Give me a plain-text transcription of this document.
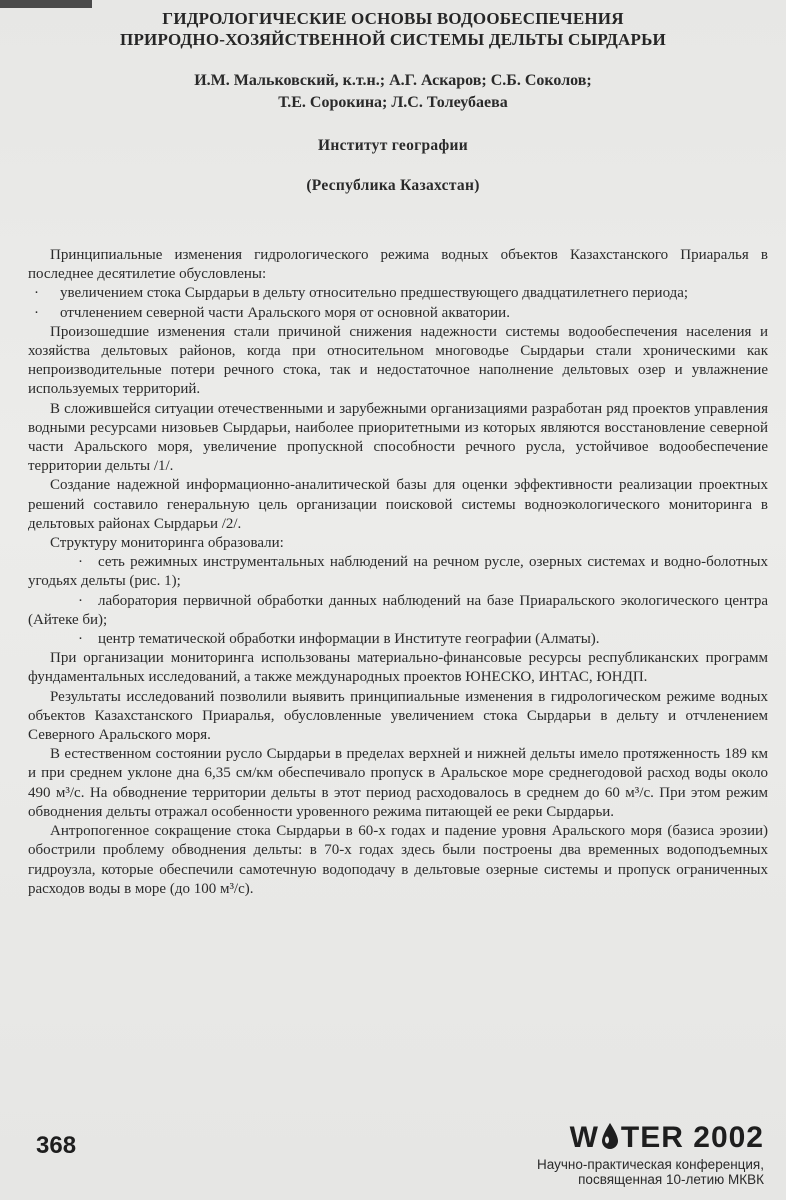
ГИДРОЛОГИЧЕСКИЕ ОСНОВЫ ВОДООБЕСПЕЧЕНИЯ
ПРИРОДНО-ХОЗЯЙСТВЕННОЙ СИСТЕМЫ ДЕЛЬТЫ СЫРДАРЬИ
И.М. Мальковский, к.т.н.; А.Г. Аскаров; С.Б. Соколов;
Т.Е. Сорокина; Л.С. Толеубаева
Институт географии
(Республика Казахстан)

Принципиальные изменения гидрологического режима водных объектов Казахстанского Приаралья в последнее десятилетие обусловлены:

· увеличением стока Сырдарьи в дельту относительно предшествующего двадцатилетнего периода;
· отчленением северной части Аральского моря от основной акватории.

Произошедшие изменения стали причиной снижения надежности системы водообеспечения населения и хозяйства дельтовых районов, когда при относительном многоводье Сырдарьи стали хроническими как непроизводительные потери речного стока, так и недостаточное наполнение дельтовых озер и увлажнение используемых территорий.

В сложившейся ситуации отечественными и зарубежными организациями разработан ряд проектов управления водными ресурсами низовьев Сырдарьи, наиболее приоритетными из которых являются восстановление северной части Аральского моря, увеличение пропускной способности речного русла, устойчивое водообеспечение территории дельты /1/.

Создание надежной информационно-аналитической базы для оценки эффективности реализации проектных решений составило генеральную цель организации поисковой системы водноэкологического мониторинга в дельтовых районах Сырдарьи /2/.

Структуру мониторинга образовали:

· сеть режимных инструментальных наблюдений на речном русле, озерных системах и водно-болотных угодьях дельты (рис. 1);

· лаборатория первичной обработки данных наблюдений на базе Приаральского экологического центра (Айтеке би);

· центр тематической обработки информации в Институте географии (Алматы).

При организации мониторинга использованы материально-финансовые ресурсы республиканских программ фундаментальных исследований, а также международных проектов ЮНЕСКО, ИНТАС, ЮНДП.

Результаты исследований позволили выявить принципиальные изменения в гидрологическом режиме водных объектов Казахстанского Приаралья, обусловленные увеличением стока Сырдарьи в дельту и отчленением Северного Аральского моря.

В естественном состоянии русло Сырдарьи в пределах верхней и нижней дельты имело протяженность 189 км и при среднем уклоне дна 6,35 см/км обеспечивало пропуск в Аральское море среднегодовой расход воды около 490 м³/с. На обводнение территории дельты в этот период расходовалось в среднем до 60 м³/с. При этом режим обводнения дельты отражал особенности уровенного режима питающей ее реки Сырдарьи.

Антропогенное сокращение стока Сырдарьи в 60-х годах и падение уровня Аральского моря (базиса эрозии) обострили проблему обводнения дельты: в 70-х годах здесь были построены два временных водоподъемных гидроузла, которые обеспечили самотечную водоподачу в дельтовые озерные системы и пропуск ограниченных расходов воды в море (до 100 м³/с).

368	W TER 2002
Научно-практическая конференция,
посвященная 10-летию МКВК
